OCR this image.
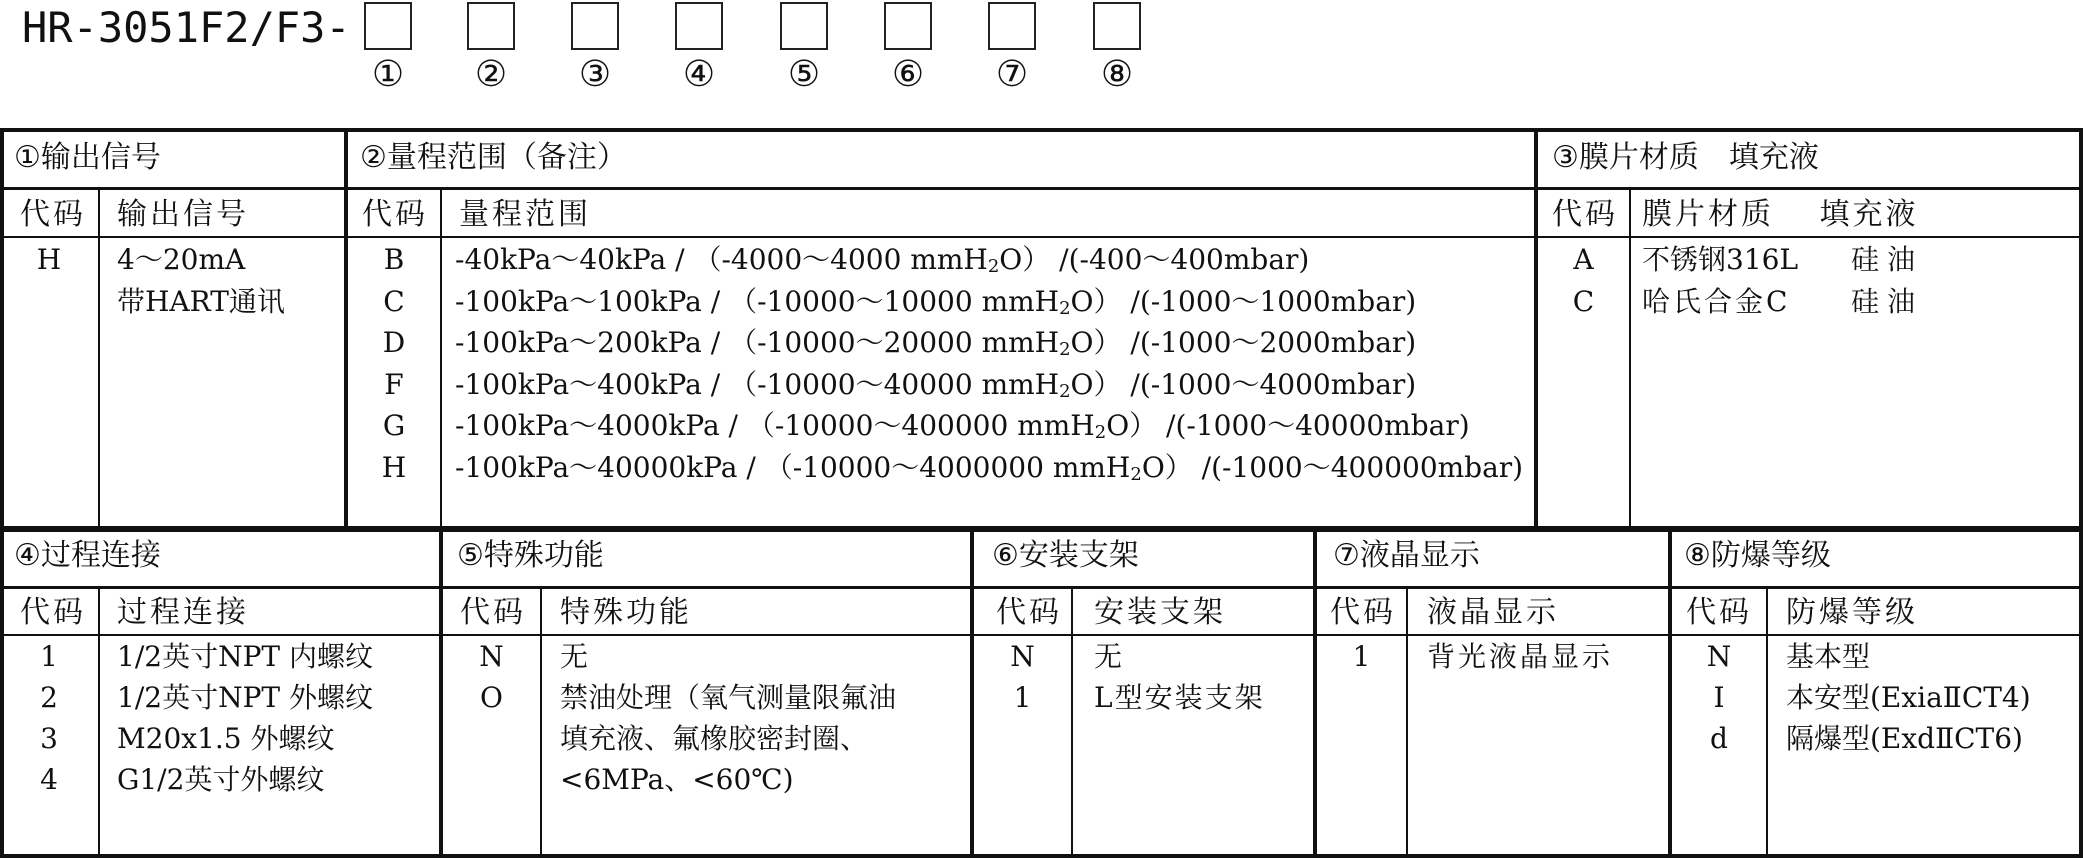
HR-3051F2/F3-
① ② ③ ④ ⑤ ⑥ ⑦ ⑧
①输出信号
代码 输出信号
H	4～20mA
带HART通讯
②量程范围（备注）
代码 量程范围
B	-40kPa～40kPa / （-4000～4000 mmH$_2$O） /(-400～400mbar)
C	-100kPa～100kPa / （-10000～10000 mmH$_2$O） /(-1000～1000mbar)
D	-100kPa～200kPa / （-10000～20000 mmH$_2$O） /(-1000～2000mbar)
F	-100kPa～400kPa / （-10000～40000 mmH$_2$O） /(-1000～4000mbar)
G	-100kPa～4000kPa / （-10000～400000 mmH$_2$O） /(-1000～40000mbar)
H	-100kPa～40000kPa / （-10000～4000000 mmH$_2$O） /(-1000～400000mbar)
③膜片材质　填充液
代码 膜片材质　 填充液
A	不锈钢316L 硅油
C	哈氏合金C 硅油
④过程连接
代码 过程连接
1	1/2英寸NPT 内螺纹
2	1/2英寸NPT 外螺纹
3	M20x1.5 外螺纹
4	G1/2英寸外螺纹
⑤特殊功能
代码 特殊功能
N	无
O	禁油处理（氧气测量限氟油
填充液、氟橡胶密封圈、
<6MPa、<60℃)
⑥安装支架
代码 安装支架
N	无
1	L型安装支架
⑦液晶显示
代码 液晶显示
1	背光液晶显示
⑧防爆等级
代码 防爆等级
N	基本型
I	本安型(ExiaⅡCT4)
d	隔爆型(ExdⅡCT6)
